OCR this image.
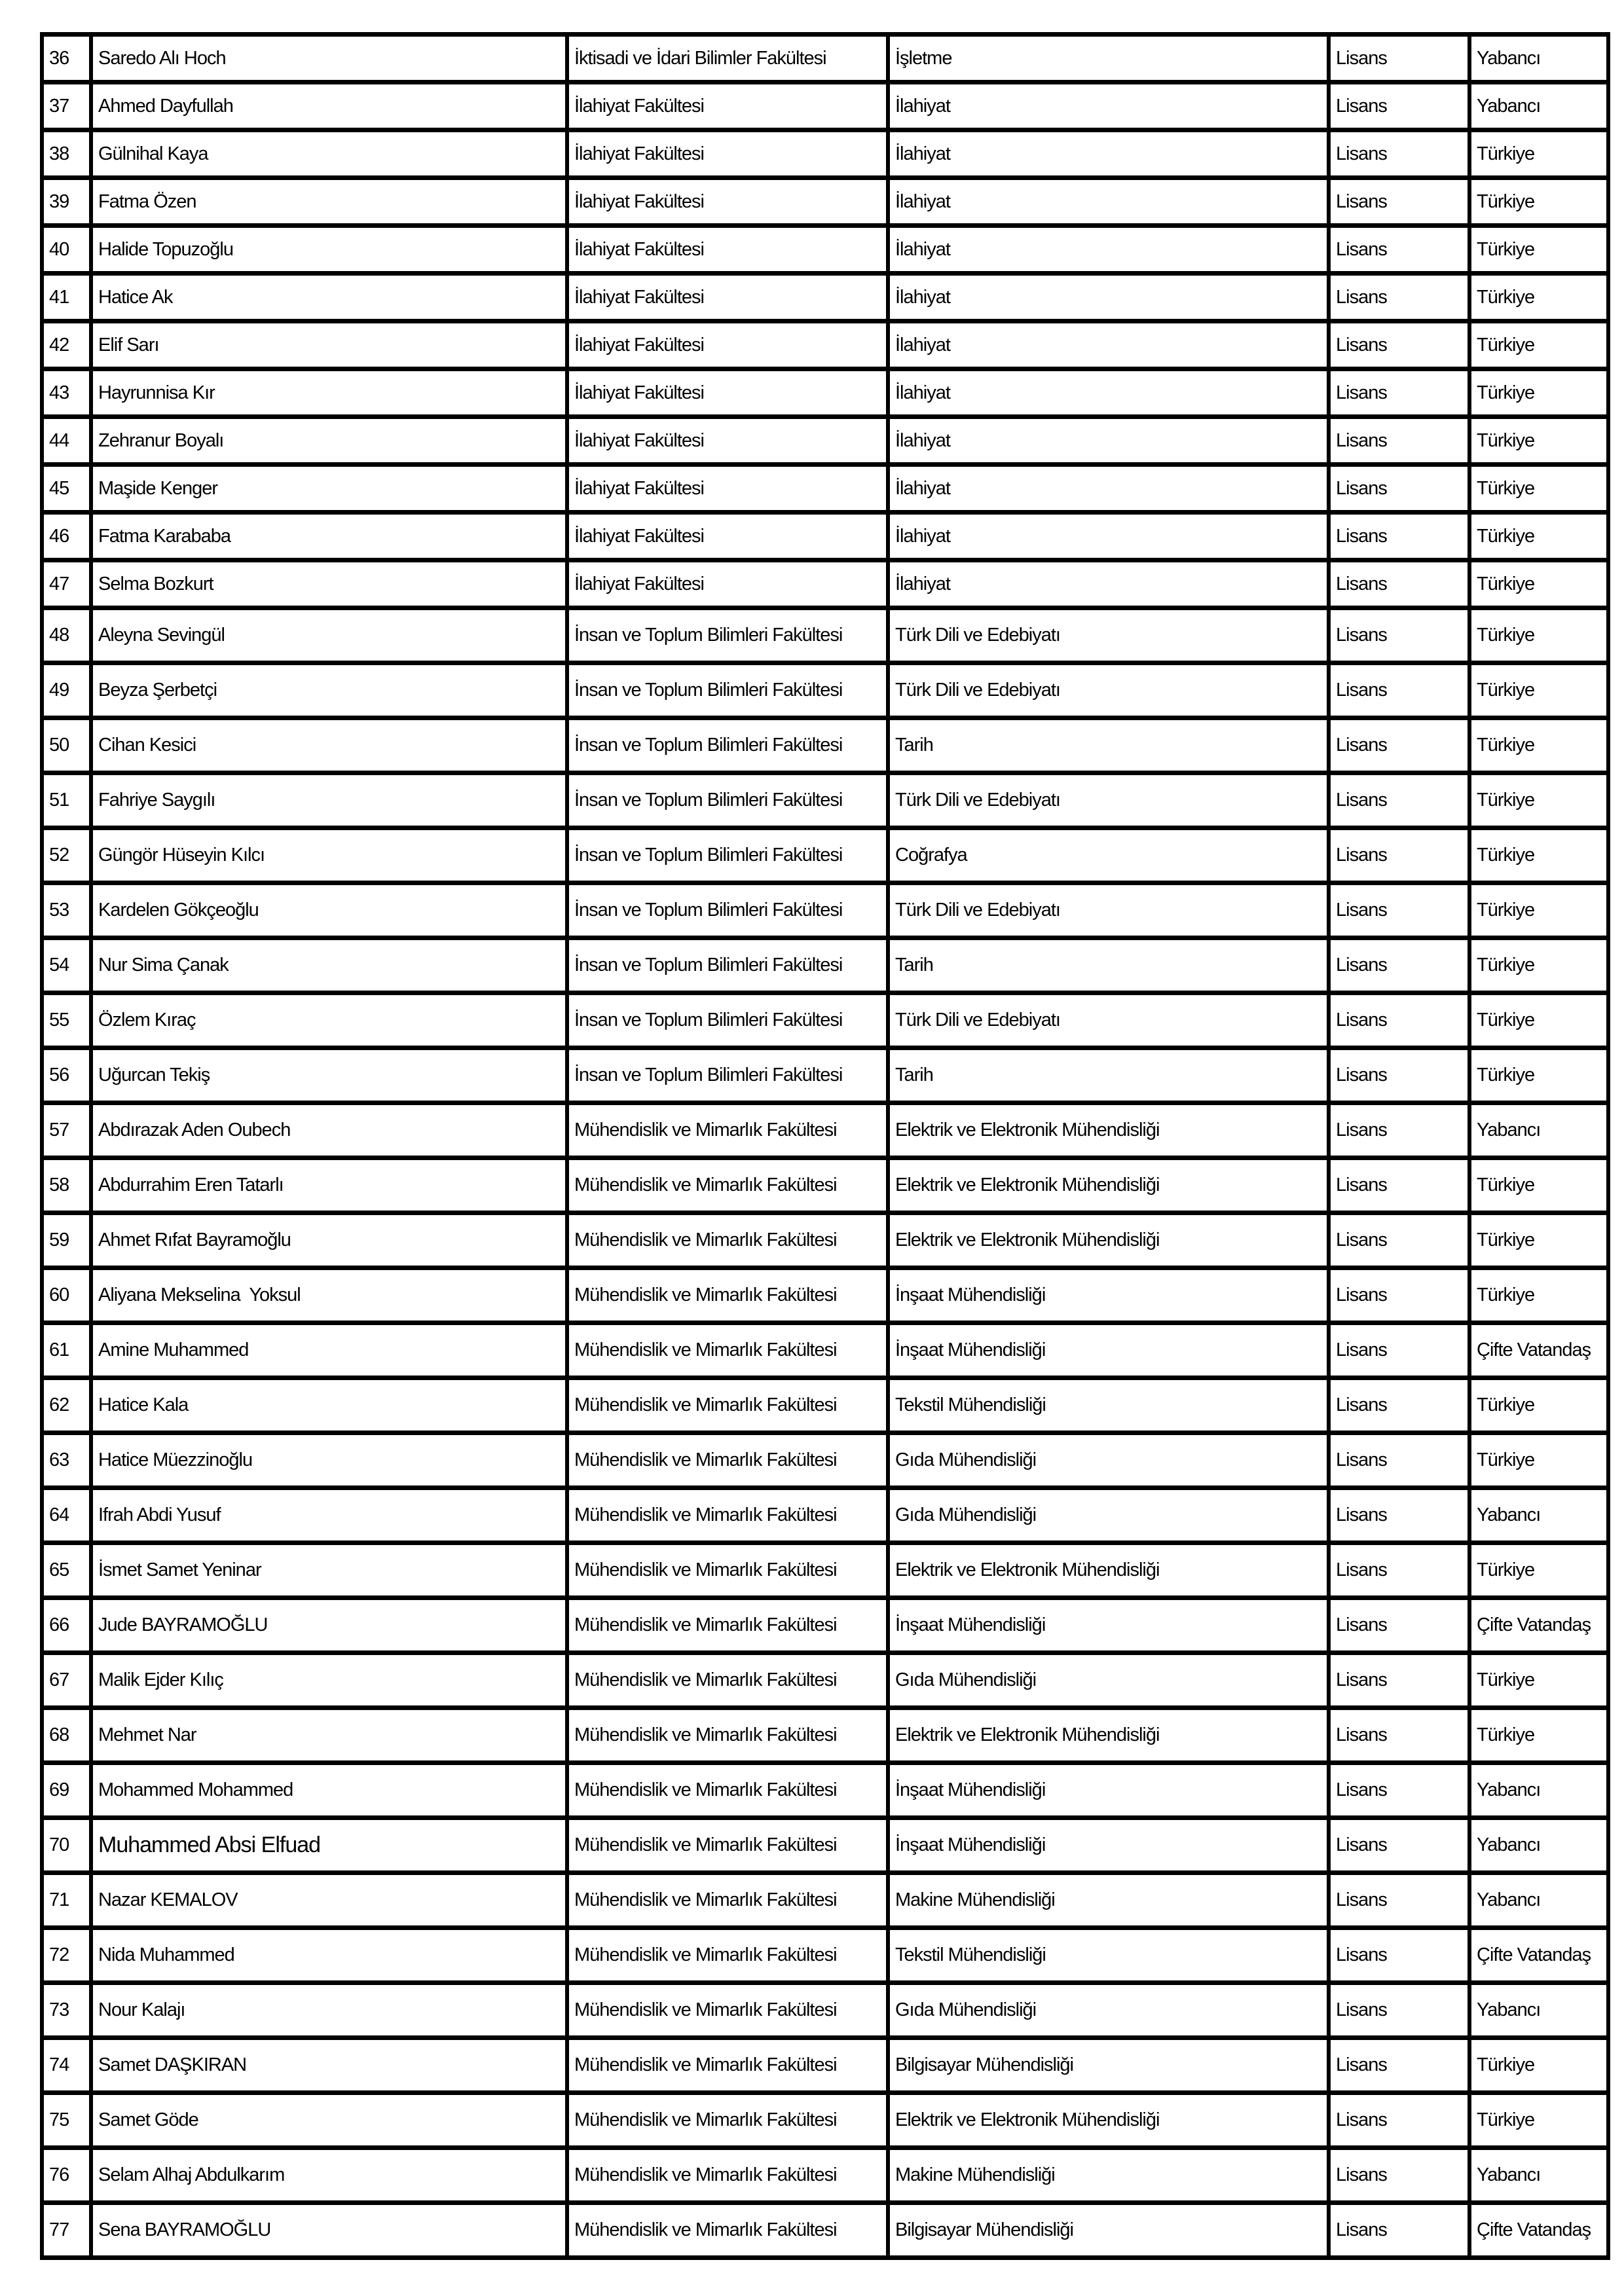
36	Saredo Alı Hoch	İktisadi ve İdari Bilimler Fakültesi	İşletme	Lisans	Yabancı
37	Ahmed Dayfullah	İlahiyat Fakültesi	İlahiyat	Lisans	Yabancı
38	Gülnihal Kaya	İlahiyat Fakültesi	İlahiyat	Lisans	Türkiye
39	Fatma Özen	İlahiyat Fakültesi	İlahiyat	Lisans	Türkiye
40	Halide Topuzoğlu	İlahiyat Fakültesi	İlahiyat	Lisans	Türkiye
41	Hatice Ak	İlahiyat Fakültesi	İlahiyat	Lisans	Türkiye
42	Elif Sarı	İlahiyat Fakültesi	İlahiyat	Lisans	Türkiye
43	Hayrunnisa Kır	İlahiyat Fakültesi	İlahiyat	Lisans	Türkiye
44	Zehranur Boyalı	İlahiyat Fakültesi	İlahiyat	Lisans	Türkiye
45	Maşide Kenger	İlahiyat Fakültesi	İlahiyat	Lisans	Türkiye
46	Fatma Karababa	İlahiyat Fakültesi	İlahiyat	Lisans	Türkiye
47	Selma Bozkurt	İlahiyat Fakültesi	İlahiyat	Lisans	Türkiye
48	Aleyna Sevingül	İnsan ve Toplum Bilimleri Fakültesi	Türk Dili ve Edebiyatı	Lisans	Türkiye
49	Beyza Şerbetçi	İnsan ve Toplum Bilimleri Fakültesi	Türk Dili ve Edebiyatı	Lisans	Türkiye
50	Cihan Kesici	İnsan ve Toplum Bilimleri Fakültesi	Tarih	Lisans	Türkiye
51	Fahriye Saygılı	İnsan ve Toplum Bilimleri Fakültesi	Türk Dili ve Edebiyatı	Lisans	Türkiye
52	Güngör Hüseyin Kılcı	İnsan ve Toplum Bilimleri Fakültesi	Coğrafya	Lisans	Türkiye
53	Kardelen Gökçeoğlu	İnsan ve Toplum Bilimleri Fakültesi	Türk Dili ve Edebiyatı	Lisans	Türkiye
54	Nur Sima Çanak	İnsan ve Toplum Bilimleri Fakültesi	Tarih	Lisans	Türkiye
55	Özlem Kıraç	İnsan ve Toplum Bilimleri Fakültesi	Türk Dili ve Edebiyatı	Lisans	Türkiye
56	Uğurcan Tekiş	İnsan ve Toplum Bilimleri Fakültesi	Tarih	Lisans	Türkiye
57	Abdırazak Aden Oubech	Mühendislik ve Mimarlık Fakültesi	Elektrik ve Elektronik Mühendisliği	Lisans	Yabancı
58	Abdurrahim Eren Tatarlı	Mühendislik ve Mimarlık Fakültesi	Elektrik ve Elektronik Mühendisliği	Lisans	Türkiye
59	Ahmet Rıfat Bayramoğlu	Mühendislik ve Mimarlık Fakültesi	Elektrik ve Elektronik Mühendisliği	Lisans	Türkiye
60	Aliyana Mekselina  Yoksul	Mühendislik ve Mimarlık Fakültesi	İnşaat Mühendisliği	Lisans	Türkiye
61	Amine Muhammed	Mühendislik ve Mimarlık Fakültesi	İnşaat Mühendisliği	Lisans	Çifte Vatandaş
62	Hatice Kala	Mühendislik ve Mimarlık Fakültesi	Tekstil Mühendisliği	Lisans	Türkiye
63	Hatice Müezzinoğlu	Mühendislik ve Mimarlık Fakültesi	Gıda Mühendisliği	Lisans	Türkiye
64	Ifrah Abdi Yusuf	Mühendislik ve Mimarlık Fakültesi	Gıda Mühendisliği	Lisans	Yabancı
65	İsmet Samet Yeninar	Mühendislik ve Mimarlık Fakültesi	Elektrik ve Elektronik Mühendisliği	Lisans	Türkiye
66	Jude BAYRAMOĞLU	Mühendislik ve Mimarlık Fakültesi	İnşaat Mühendisliği	Lisans	Çifte Vatandaş
67	Malik Ejder Kılıç	Mühendislik ve Mimarlık Fakültesi	Gıda Mühendisliği	Lisans	Türkiye
68	Mehmet Nar	Mühendislik ve Mimarlık Fakültesi	Elektrik ve Elektronik Mühendisliği	Lisans	Türkiye
69	Mohammed Mohammed	Mühendislik ve Mimarlık Fakültesi	İnşaat Mühendisliği	Lisans	Yabancı
70	Muhammed Absi Elfuad	Mühendislik ve Mimarlık Fakültesi	İnşaat Mühendisliği	Lisans	Yabancı
71	Nazar KEMALOV	Mühendislik ve Mimarlık Fakültesi	Makine Mühendisliği	Lisans	Yabancı
72	Nida Muhammed	Mühendislik ve Mimarlık Fakültesi	Tekstil Mühendisliği	Lisans	Çifte Vatandaş
73	Nour Kalajı	Mühendislik ve Mimarlık Fakültesi	Gıda Mühendisliği	Lisans	Yabancı
74	Samet DAŞKIRAN	Mühendislik ve Mimarlık Fakültesi	Bilgisayar Mühendisliği	Lisans	Türkiye
75	Samet Göde	Mühendislik ve Mimarlık Fakültesi	Elektrik ve Elektronik Mühendisliği	Lisans	Türkiye
76	Selam Alhaj Abdulkarım	Mühendislik ve Mimarlık Fakültesi	Makine Mühendisliği	Lisans	Yabancı
77	Sena BAYRAMOĞLU	Mühendislik ve Mimarlık Fakültesi	Bilgisayar Mühendisliği	Lisans	Çifte Vatandaş
